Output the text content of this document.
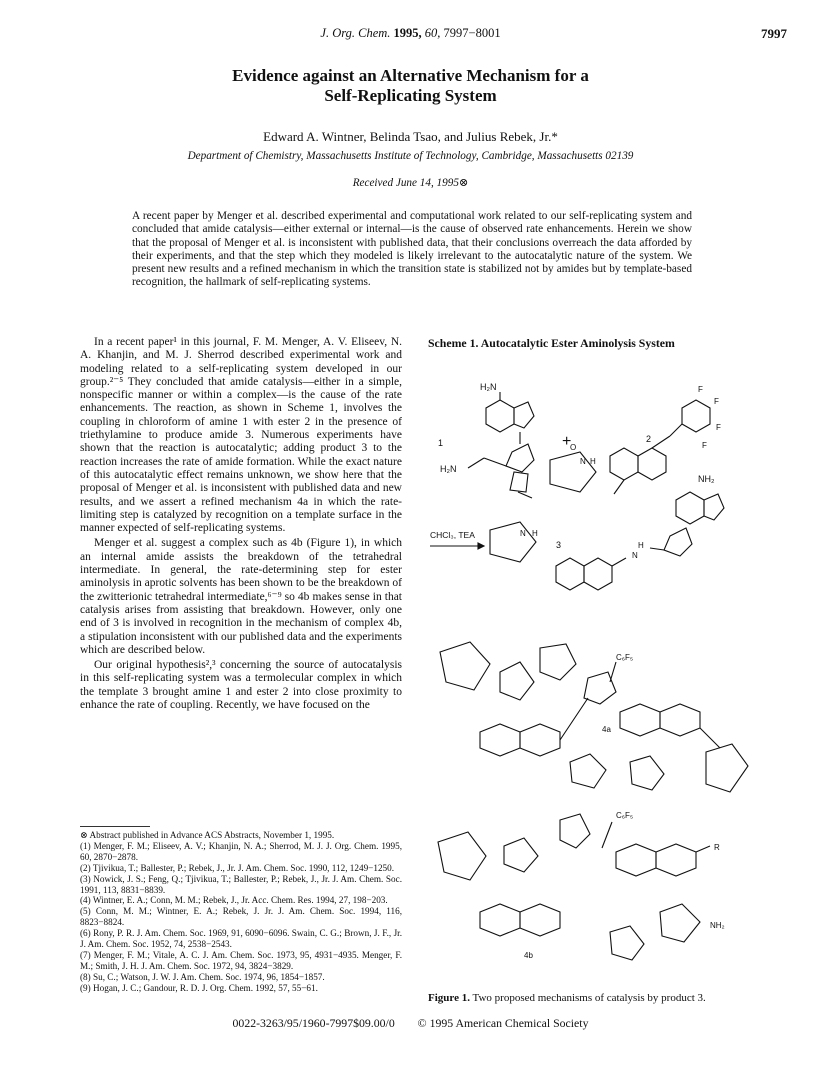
J. Org. Chem. 1995, 60, 7997−8001	7997
Evidence against an Alternative Mechanism for a
Self-Replicating System
Edward A. Wintner, Belinda Tsao, and Julius Rebek, Jr.*
Department of Chemistry, Massachusetts Institute of Technology, Cambridge, Massachusetts 02139
Received June 14, 1995⊗
A recent paper by Menger et al. described experimental and computational work related to our self-replicating system and concluded that amide catalysis—either external or internal—is the cause of observed rate enhancements. Herein we show that the proposal of Menger et al. is inconsistent with published data, that their conclusions overreach the data afforded by their experiments, and that the step which they modeled is likely irrelevant to the autocatalytic nature of the system. We present new results and a refined mechanism in which the transition state is stabilized not by amides but by template-based recognition, the hallmark of self-replicating systems.

In a recent paper¹ in this journal, F. M. Menger, A. V. Eliseev, N. A. Khanjin, and M. J. Sherrod described experimental work and modeling related to a self-replicating system developed in our group.²⁻⁵ They concluded that amide catalysis—either in a simple, nonspecific manner or within a complex—is the cause of the rate enhancements. The reaction, as shown in Scheme 1, involves the coupling in chloroform of amine 1 with ester 2 in the presence of triethylamine to produce amide 3. Numerous experiments have shown that the reaction is autocatalytic; adding product 3 to the reaction increases the rate of amide formation. While the exact nature of this autocatalytic effect remains unknown, we show here that the proposal of Menger et al. is inconsistent with published data and new results, and we assert a refined mechanism 4a in which the rate-limiting step is catalyzed by recognition on a template surface in the manner expected of self-replicating systems.

Menger et al. suggest a complex such as 4b (Figure 1), in which an internal amide assists the breakdown of the tetrahedral intermediate. In general, the rate-determining step for ester aminolysis in aprotic solvents has been shown to be the breakdown of the zwitterionic tetrahedral intermediate,⁶⁻⁹ so 4b makes sense in that catalysis arises from assisting that breakdown. However, only one end of 3 is involved in recognition in the mechanism of complex 4b, a stipulation inconsistent with our published data and the experiments which are described below.

Our original hypothesis²,³ concerning the source of autocatalysis in this self-replicating system was a termolecular complex in which the template 3 brought amine 1 and ester 2 into close proximity to enhance the rate of coupling. Recently, we have focused on the

⊗ Abstract published in Advance ACS Abstracts, November 1, 1995.
(1) Menger, F. M.; Eliseev, A. V.; Khanjin, N. A.; Sherrod, M. J. J. Org. Chem. 1995, 60, 2870−2878.
(2) Tjivikua, T.; Ballester, P.; Rebek, J., Jr. J. Am. Chem. Soc. 1990, 112, 1249−1250.
(3) Nowick, J. S.; Feng, Q.; Tjivikua, T.; Ballester, P.; Rebek, J., Jr. J. Am. Chem. Soc. 1991, 113, 8831−8839.
(4) Wintner, E. A.; Conn, M. M.; Rebek, J., Jr. Acc. Chem. Res. 1994, 27, 198−203.
(5) Conn, M. M.; Wintner, E. A.; Rebek, J. Jr. J. Am. Chem. Soc. 1994, 116, 8823−8824.
(6) Rony, P. R. J. Am. Chem. Soc. 1969, 91, 6090−6096. Swain, C. G.; Brown, J. F., Jr. J. Am. Chem. Soc. 1952, 74, 2538−2543.
(7) Menger, F. M.; Vitale, A. C. J. Am. Chem. Soc. 1973, 95, 4931−4935. Menger, F. M.; Smith, J. H. J. Am. Chem. Soc. 1972, 94, 3824−3829.
(8) Su, C.; Watson, J. W. J. Am. Chem. Soc. 1974, 96, 1854−1857.
(9) Hogan, J. C.; Gandour, R. D. J. Org. Chem. 1992, 57, 55−61.
Scheme 1. Autocatalytic Ester Aminolysis System
H₂N
1
H₂N
+	2
F
F
F
F
O
N H
NH₂
H
N
N H
3
CHCl₃, TEA
C₆F₅
4a
R
C₆F₅
NH₂
4b
Figure 1. Two proposed mechanisms of catalysis by product 3.
0022-3263/95/1960-7997$09.00/0 © 1995 American Chemical Society
